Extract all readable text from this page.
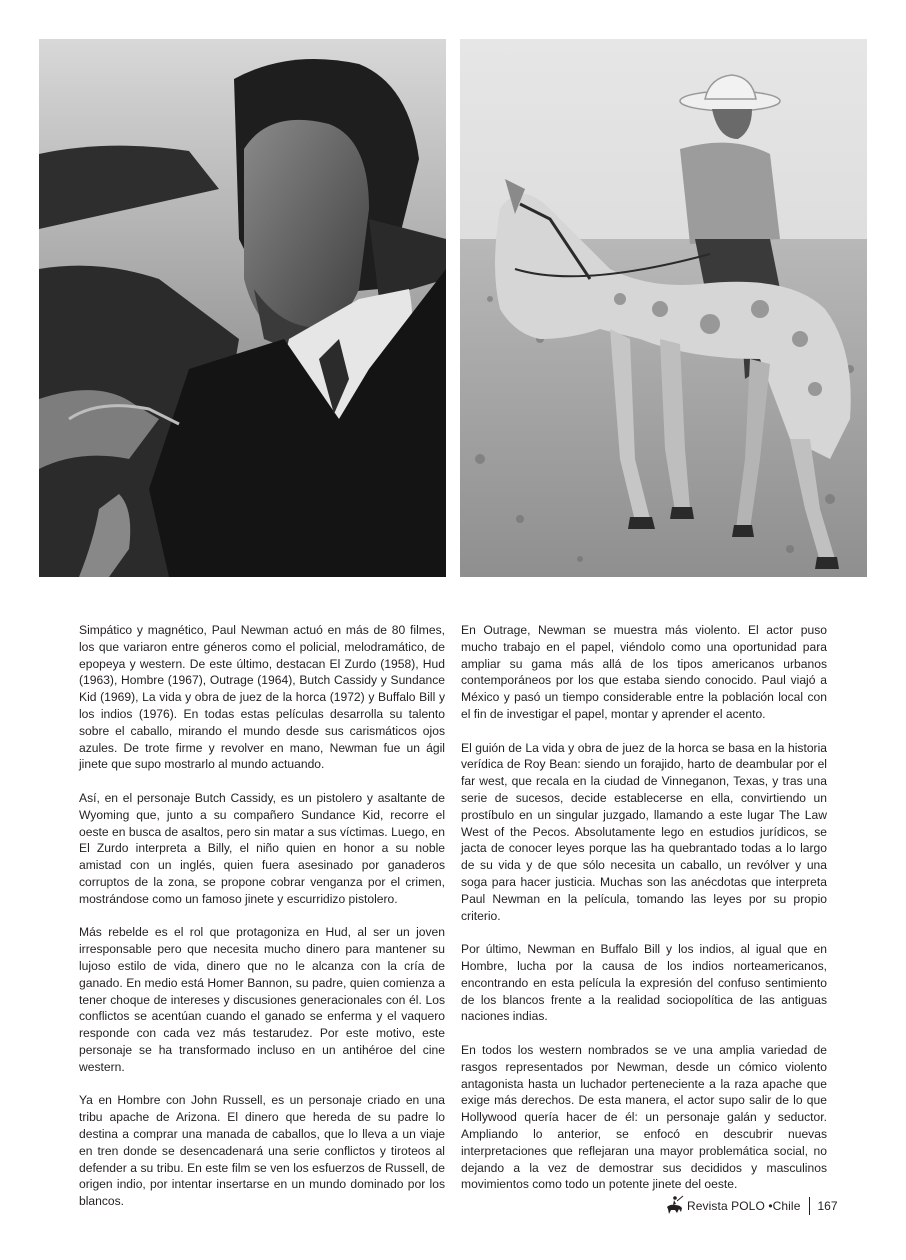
Simpático y magnético, Paul Newman actuó en más de 80 filmes, los que variaron entre géneros como el policial, melodramático, de epopeya y western. De este último, destacan El Zurdo (1958), Hud (1963), Hombre (1967), Outrage (1964), Butch Cassidy y Sundance Kid (1969), La vida y obra de juez de la horca (1972) y Buffalo Bill y los indios (1976). En todas estas películas desarrolla su talento sobre el caballo, mirando el mundo desde sus carismáticos ojos azules. De trote firme y revolver en mano, Newman fue un ágil jinete que supo mostrarlo al mundo actuando.

Así, en el personaje Butch Cassidy, es un pistolero y asaltante de Wyoming que, junto a su compañero Sundance Kid, recorre el oeste en busca de asaltos, pero sin matar a sus víctimas. Luego, en El Zurdo interpreta a Billy, el niño quien en honor a su noble amistad con un inglés, quien fuera asesinado por ganaderos corruptos de la zona, se propone cobrar venganza por el crimen, mostrándose como un famoso jinete y escurridizo pistolero.

Más rebelde es el rol que protagoniza en Hud, al ser un joven irresponsable pero que necesita mucho dinero para mantener su lujoso estilo de vida, dinero que no le alcanza con la cría de ganado. En medio está Homer Bannon, su padre, quien comienza a tener choque de intereses y discusiones generacionales con él. Los conflictos se acentúan cuando el ganado se enferma y el vaquero responde con cada vez más testarudez. Por este motivo, este personaje se ha transformado incluso en un antihéroe del cine western.

Ya en Hombre con John Russell, es un personaje criado en una tribu apache de Arizona. El dinero que hereda de su padre lo destina a comprar una manada de caballos, que lo lleva a un viaje en tren donde se desencadenará una serie conflictos y tiroteos al defender a su tribu. En este film se ven los esfuerzos de Russell, de origen indio, por intentar insertarse en un mundo dominado por los blancos.

En Outrage, Newman se muestra más violento. El actor puso mucho trabajo en el papel, viéndolo como una oportunidad para ampliar su gama más allá de los tipos americanos urbanos contemporáneos por los que estaba siendo conocido. Paul viajó a México y pasó un tiempo considerable entre la población local con el fin de investigar el papel, montar y aprender el acento.

El guión de La vida y obra de juez de la horca se basa en la historia verídica de Roy Bean: siendo un forajido, harto de deambular por el far west, que recala en la ciudad de Vinneganon, Texas, y tras una serie de sucesos, decide establecerse en ella, convirtiendo un prostíbulo en un singular juzgado, llamando a este lugar The Law West of the Pecos. Absolutamente lego en estudios jurídicos, se jacta de conocer leyes porque las ha quebrantado todas a lo largo de su vida y de que sólo necesita un caballo, un revólver y una soga para hacer justicia. Muchas son las anécdotas que interpreta Paul Newman en la película, tomando las leyes por su propio criterio.

Por último, Newman en Buffalo Bill y los indios, al igual que en Hombre, lucha por la causa de los indios norteamericanos, encontrando en esta película la expresión del confuso sentimiento de los blancos frente a la realidad sociopolítica de las antiguas naciones indias.

En todos los western nombrados se ve una amplia variedad de rasgos representados por Newman, desde un cómico violento antagonista hasta un luchador perteneciente a la raza apache que exige más derechos. De esta manera, el actor supo salir de lo que Hollywood quería hacer de él: un personaje galán y seductor. Ampliando lo anterior, se enfocó en descubrir nuevas interpretaciones que reflejaran una mayor problemática social, no dejando a la vez de demostrar sus decididos y masculinos movimientos como todo un potente jinete del oeste.

Revista POLO •Chile 167
